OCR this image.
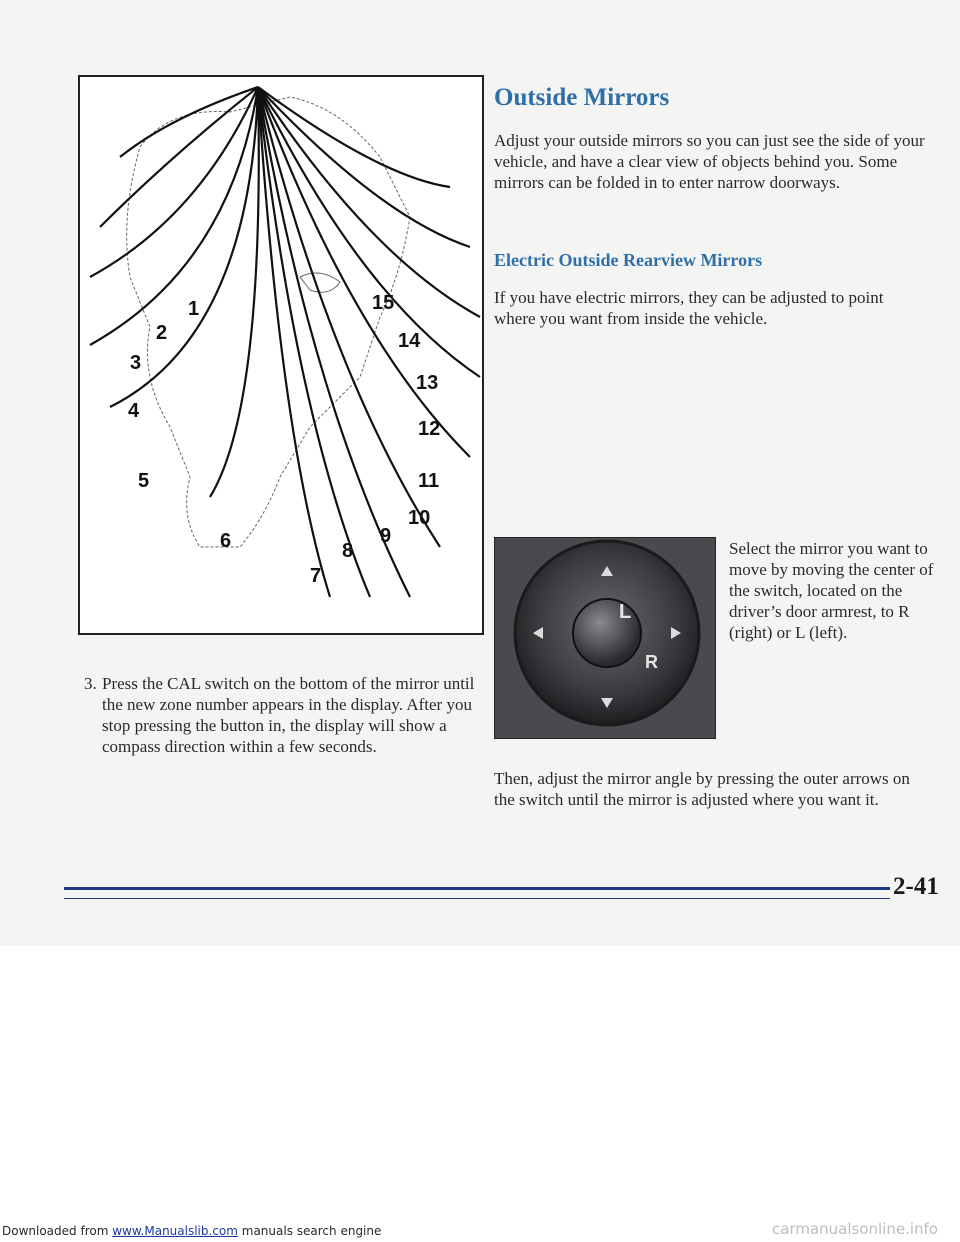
1
2
3
4
5
6
7
8
9
10
11
12
13
14
15
3. Press the CAL switch on the bottom of the mirror until the new zone number appears in the display. After you stop pressing the button in, the display will show a compass direction within a few seconds.
Outside Mirrors

Adjust your outside mirrors so you can just see the side of your vehicle, and have a clear view of objects behind you. Some mirrors can be folded in to enter narrow doorways.

Electric Outside Rearview Mirrors

If you have electric mirrors, they can be adjusted to point where you want from inside the vehicle.

L
R

Select the mirror you want to move by moving the center of the switch, located on the driver’s door armrest, to R (right) or L (left).

Then, adjust the mirror angle by pressing the outer arrows on the switch until the mirror is adjusted where you want it.

2-41

Downloaded from www.Manualslib.com manuals search engine	carmanualsonline.info
